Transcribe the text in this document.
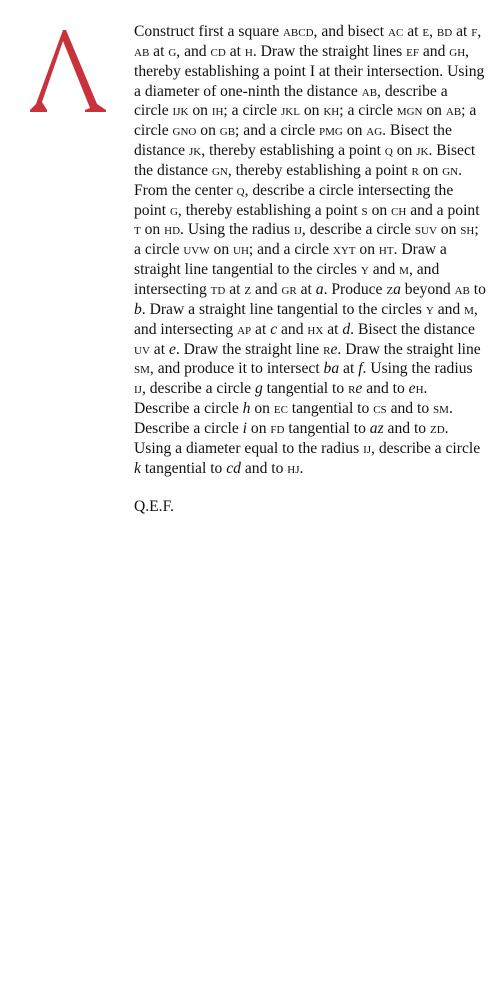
Construct first a square abcd, and bisect ac at e, bd at f, ab at g, and cd at h. Draw the straight lines ef and gh, thereby establishing a point I at their intersection. Using a diameter of one-ninth the distance ab, describe a circle ijk on ih; a circle jkl on kh; a circle mgn on ab; a circle gno on gb; and a circle pmg on ag. Bisect the distance jk, thereby establishing a point q on jk. Bisect the distance gn, thereby establishing a point r on gn. From the center q, describe a circle intersecting the point g, thereby establishing a point s on ch and a point t on hd. Using the radius ij, describe a circle suv on sh; a circle uvw on uh; and a circle xyt on ht. Draw a straight line tangential to the circles y and m, and intersecting td at z and gr at a. Produce za beyond ab to b. Draw a straight line tangential to the circles y and m, and intersecting ap at c and hx at d. Bisect the distance uv at e. Draw the straight line re. Draw the straight line sm, and produce it to intersect ba at f. Using the radius ij, describe a circle g tangential to re and to eh. Describe a circle h on ec tangential to cs and to sm. Describe a circle i on fd tangential to az and to zd. Using a diameter equal to the radius ij, describe a circle k tangential to cd and to hj.

Q.E.F.
